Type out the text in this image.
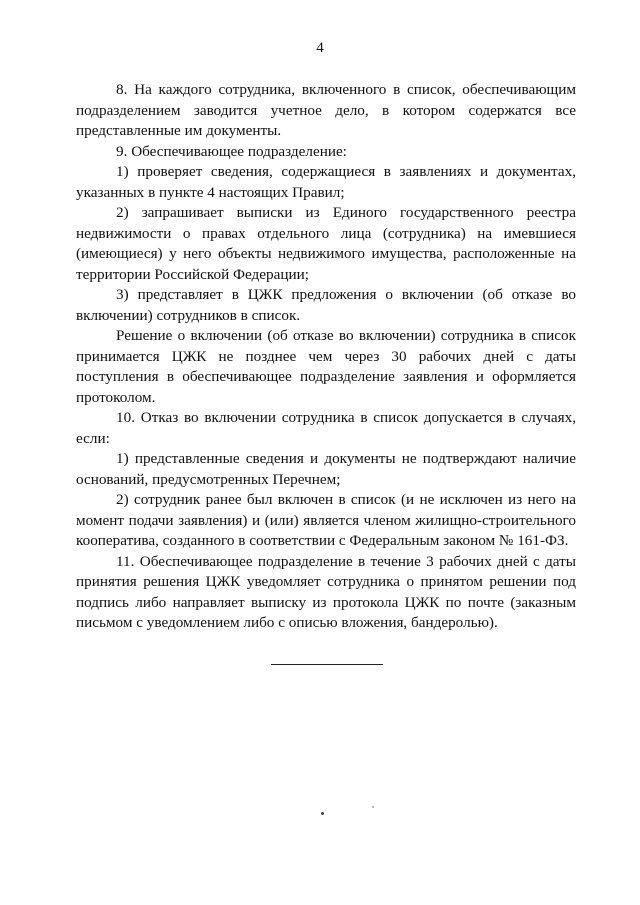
4

8. На каждого сотрудника, включенного в список, обеспечивающим подразделением заводится учетное дело, в котором содержатся все представленные им документы.

9. Обеспечивающее подразделение:

1) проверяет сведения, содержащиеся в заявлениях и документах, указанных в пункте 4 настоящих Правил;

2) запрашивает выписки из Единого государственного реестра недвижимости о правах отдельного лица (сотрудника) на имевшиеся (имеющиеся) у него объекты недвижимого имущества, расположенные на территории Российской Федерации;

3) представляет в ЦЖК предложения о включении (об отказе во включении) сотрудников в список.

Решение о включении (об отказе во включении) сотрудника в список принимается ЦЖК не позднее чем через 30 рабочих дней с даты поступления в обеспечивающее подразделение заявления и оформляется протоколом.

10. Отказ во включении сотрудника в список допускается в случаях, если:

1) представленные сведения и документы не подтверждают наличие оснований, предусмотренных Перечнем;

2) сотрудник ранее был включен в список (и не исключен из него на момент подачи заявления) и (или) является членом жилищно-строительного кооператива, созданного в соответствии с Федеральным законом № 161-ФЗ.

11. Обеспечивающее подразделение в течение 3 рабочих дней с даты принятия решения ЦЖК уведомляет сотрудника о принятом решении под подпись либо направляет выписку из протокола ЦЖК по почте (заказным письмом с уведомлением либо с описью вложения, бандеролью).
